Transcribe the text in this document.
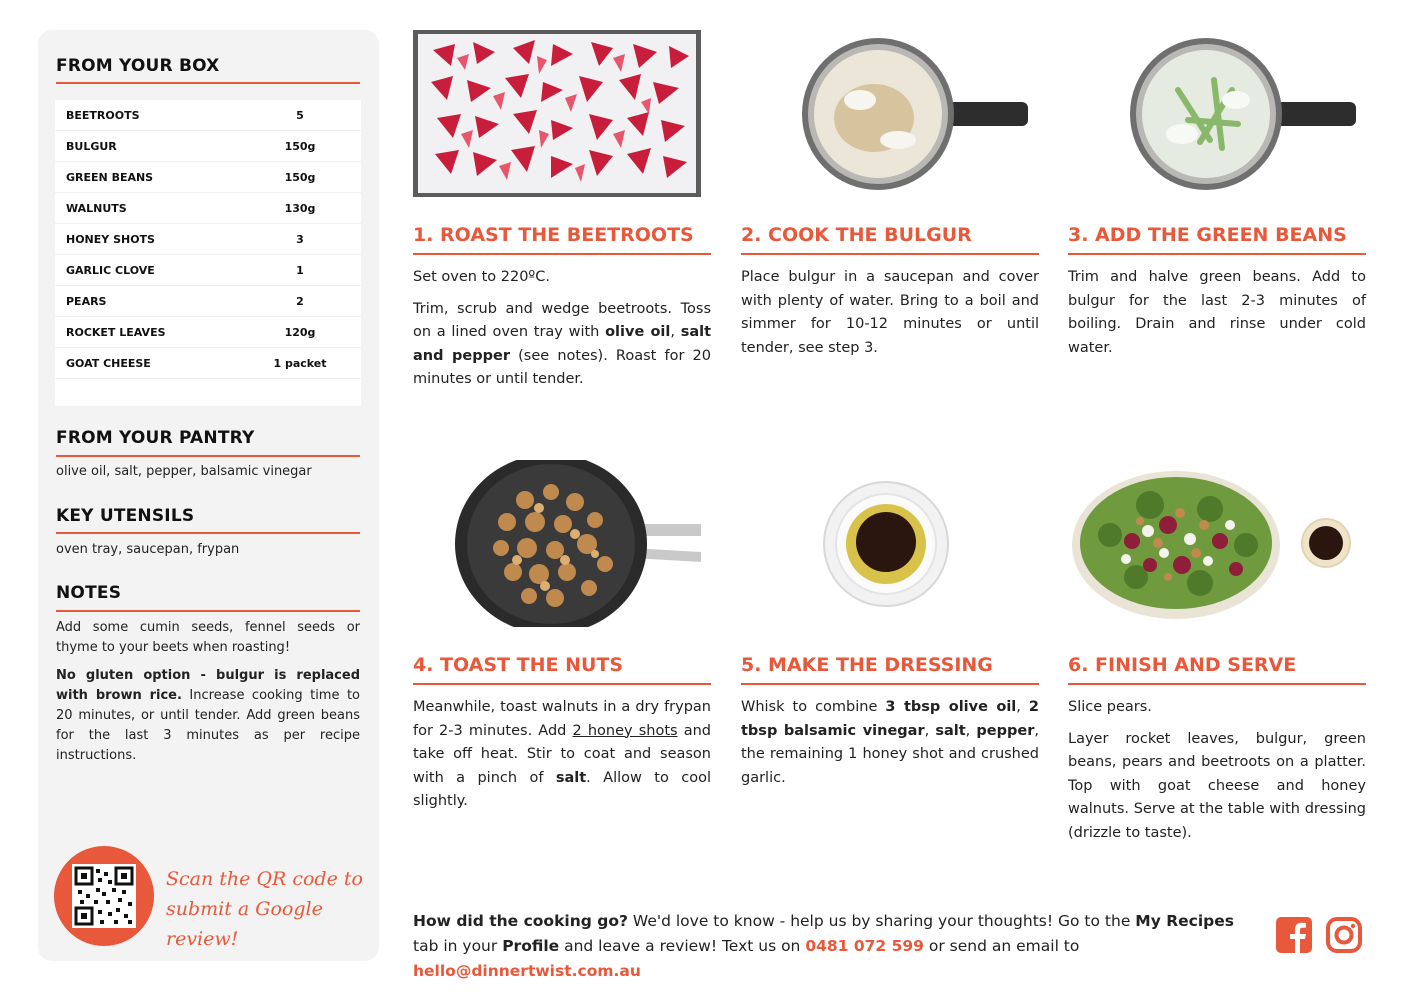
FROM YOUR BOX
BEETROOTS	5
BULGUR	150g
GREEN BEANS	150g
WALNUTS	130g
HONEY SHOTS	3
GARLIC CLOVE	1
PEARS	2
ROCKET LEAVES	120g
GOAT CHEESE	1 packet
FROM YOUR PANTRY
olive oil, salt, pepper, balsamic vinegar
KEY UTENSILS
oven tray, saucepan, frypan
NOTES

Add some cumin seeds, fennel seeds or thyme to your beets when roasting!

No gluten option - bulgur is replaced with brown rice. Increase cooking time to 20 minutes, or until tender. Add green beans for the last 3 minutes as per recipe instructions.

Scan the QR code to
submit a Google review!
1. ROAST THE BEETROOTS

Set oven to 220ºC.

Trim, scrub and wedge beetroots. Toss on a lined oven tray with olive oil, salt and pepper (see notes). Roast for 20 minutes or until tender.

2. COOK THE BULGUR

Place bulgur in a saucepan and cover with plenty of water. Bring to a boil and simmer for 10-12 minutes or until tender, see step 3.

3. ADD THE GREEN BEANS

Trim and halve green beans. Add to bulgur for the last 2-3 minutes of boiling. Drain and rinse under cold water.

4. TOAST THE NUTS

Meanwhile, toast walnuts in a dry frypan for 2-3 minutes. Add 2 honey shots and take off heat. Stir to coat and season with a pinch of salt. Allow to cool slightly.

5. MAKE THE DRESSING

Whisk to combine 3 tbsp olive oil, 2 tbsp balsamic vinegar, salt, pepper, the remaining 1 honey shot and crushed garlic.

6. FINISH AND SERVE

Slice pears.

Layer rocket leaves, bulgur, green beans, pears and beetroots on a platter. Top with goat cheese and honey walnuts. Serve at the table with dressing (drizzle to taste).

How did the cooking go? We'd love to know - help us by sharing your thoughts! Go to the My Recipes tab in your Profile and leave a review! Text us on 0481 072 599 or send an email to hello@dinnertwist.com.au
